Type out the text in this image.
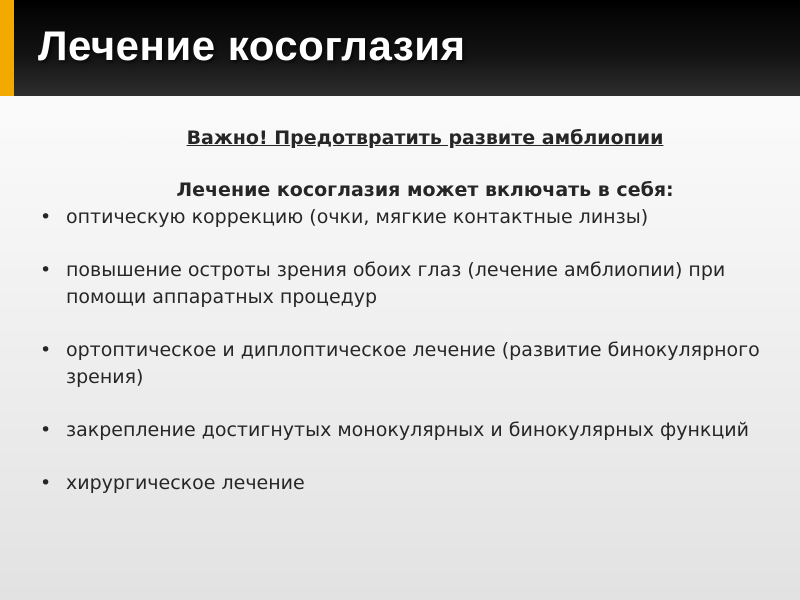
Лечение косоглазия

Важно! Предотвратить развите амблиопии

Лечение косоглазия может включать в себя:

• оптическую коррекцию (очки, мягкие контактные линзы)
• повышение остроты зрения обоих глаз (лечение амблиопии) при помощи аппаратных процедур
• ортоптическое и диплоптическое лечение (развитие бинокулярного зрения)
• закрепление достигнутых монокулярных и бинокулярных функций
• хирургическое лечение
